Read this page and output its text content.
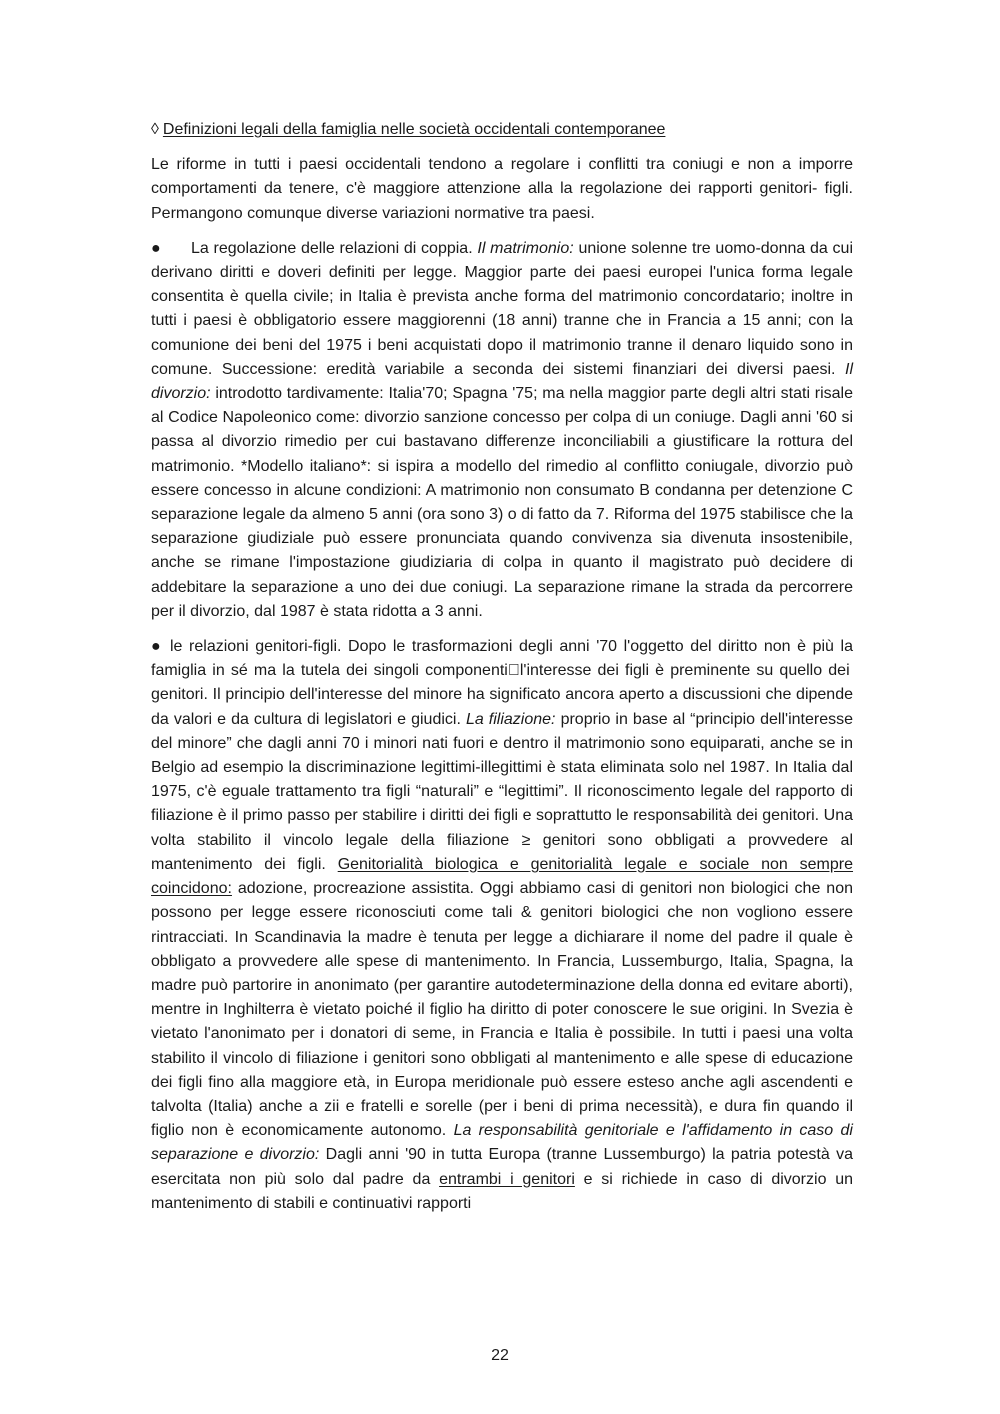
◊ Definizioni legali della famiglia nelle società occidentali contemporanee

Le riforme in tutti i paesi occidentali tendono a regolare i conflitti tra coniugi e non a imporre comportamenti da tenere, c'è maggiore attenzione alla la regolazione dei rapporti genitori- figli. Permangono comunque diverse variazioni normative tra paesi.

● La regolazione delle relazioni di coppia. Il matrimonio: unione solenne tre uomo-donna da cui derivano diritti e doveri definiti per legge. Maggior parte dei paesi europei l'unica forma legale consentita è quella civile; in Italia è prevista anche forma del matrimonio concordatario; inoltre in tutti i paesi è obbligatorio essere maggiorenni (18 anni) tranne che in Francia a 15 anni; con la comunione dei beni del 1975 i beni acquistati dopo il matrimonio tranne il denaro liquido sono in comune. Successione: eredità variabile a seconda dei sistemi finanziari dei diversi paesi. Il divorzio: introdotto tardivamente: Italia'70; Spagna '75; ma nella maggior parte degli altri stati risale al Codice Napoleonico come: divorzio sanzione concesso per colpa di un coniuge. Dagli anni '60 si passa al divorzio rimedio per cui bastavano differenze inconciliabili a giustificare la rottura del matrimonio. *Modello italiano*: si ispira a modello del rimedio al conflitto coniugale, divorzio può essere concesso in alcune condizioni: A matrimonio non consumato B condanna per detenzione C separazione legale da almeno 5 anni (ora sono 3) o di fatto da 7. Riforma del 1975 stabilisce che la separazione giudiziale può essere pronunciata quando convivenza sia divenuta insostenibile, anche se rimane l'impostazione giudiziaria di colpa in quanto il magistrato può decidere di addebitare la separazione a uno dei due coniugi. La separazione rimane la strada da percorrere per il divorzio, dal 1987 è stata ridotta a 3 anni.

● le relazioni genitori-figli. Dopo le trasformazioni degli anni '70 l'oggetto del diritto non è più la famiglia in sé ma la tutela dei singoli componentil'interesse dei figli è preminente su quello dei genitori. Il principio dell'interesse del minore ha significato ancora aperto a discussioni che dipende da valori e da cultura di legislatori e giudici. La filiazione: proprio in base al “principio dell'interesse del minore” che dagli anni 70 i minori nati fuori e dentro il matrimonio sono equiparati, anche se in Belgio ad esempio la discriminazione legittimi-illegittimi è stata eliminata solo nel 1987. In Italia dal 1975, c'è eguale trattamento tra figli “naturali” e “legittimi”. Il riconoscimento legale del rapporto di filiazione è il primo passo per stabilire i diritti dei figli e soprattutto le responsabilità dei genitori. Una volta stabilito il vincolo legale della filiazione ≥ genitori sono obbligati a provvedere al mantenimento dei figli. Genitorialità biologica e genitorialità legale e sociale non sempre coincidono: adozione, procreazione assistita. Oggi abbiamo casi di genitori non biologici che non possono per legge essere riconosciuti come tali & genitori biologici che non vogliono essere rintracciati. In Scandinavia la madre è tenuta per legge a dichiarare il nome del padre il quale è obbligato a provvedere alle spese di mantenimento. In Francia, Lussemburgo, Italia, Spagna, la madre può partorire in anonimato (per garantire autodeterminazione della donna ed evitare aborti), mentre in Inghilterra è vietato poiché il figlio ha diritto di poter conoscere le sue origini. In Svezia è vietato l'anonimato per i donatori di seme, in Francia e Italia è possibile. In tutti i paesi una volta stabilito il vincolo di filiazione i genitori sono obbligati al mantenimento e alle spese di educazione dei figli fino alla maggiore età, in Europa meridionale può essere esteso anche agli ascendenti e talvolta (Italia) anche a zii e fratelli e sorelle (per i beni di prima necessità), e dura fin quando il figlio non è economicamente autonomo. La responsabilità genitoriale e l'affidamento in caso di separazione e divorzio: Dagli anni '90 in tutta Europa (tranne Lussemburgo) la patria potestà va esercitata non più solo dal padre da entrambi i genitori e si richiede in caso di divorzio un mantenimento di stabili e continuativi rapporti

22
